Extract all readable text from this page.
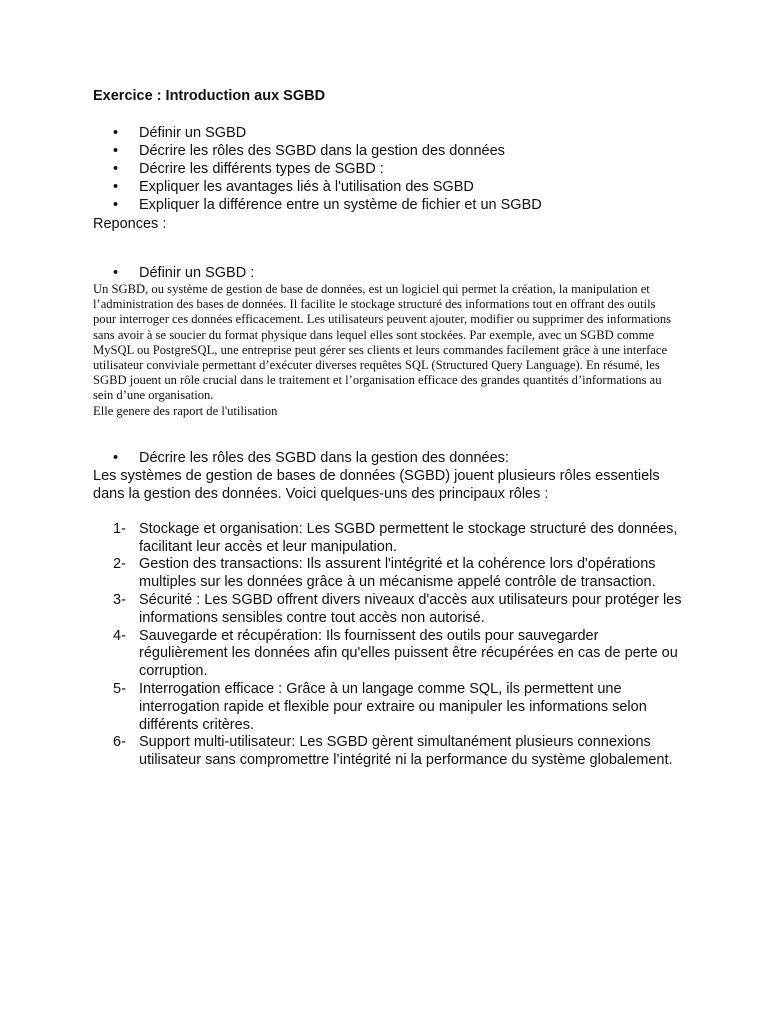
Exercice : Introduction aux SGBD
• Définir un SGBD
• Décrire les rôles des SGBD dans la gestion des données
• Décrire les différents types de SGBD :
• Expliquer les avantages liés à l'utilisation des SGBD
• Expliquer la différence entre un système de fichier et un SGBD
Reponces :
• Définir un SGBD :

Un SGBD, ou système de gestion de base de données, est un logiciel qui permet la création, la manipulation et l’administration des bases de données. Il facilite le stockage structuré des informations tout en offrant des outils pour interroger ces données efficacement. Les utilisateurs peuvent ajouter, modifier ou supprimer des informations sans avoir à se soucier du format physique dans lequel elles sont stockées. Par exemple, avec un SGBD comme MySQL ou PostgreSQL, une entreprise peut gérer ses clients et leurs commandes facilement grâce à une interface utilisateur conviviale permettant d’exécuter diverses requêtes SQL (Structured Query Language). En résumé, les SGBD jouent un rôle crucial dans le traitement et l’organisation efficace des grandes quantités d’informations au sein d’une organisation.

Elle genere des raport de l'utilisation

• Décrire les rôles des SGBD dans la gestion des données:

Les systèmes de gestion de bases de données (SGBD) jouent plusieurs rôles essentiels dans la gestion des données. Voici quelques-uns des principaux rôles :

1- Stockage et organisation: Les SGBD permettent le stockage structuré des données, facilitant leur accès et leur manipulation.
2- Gestion des transactions: Ils assurent l'intégrité et la cohérence lors d'opérations multiples sur les données grâce à un mécanisme appelé contrôle de transaction.
3- Sécurité : Les SGBD offrent divers niveaux d'accès aux utilisateurs pour protéger les informations sensibles contre tout accès non autorisé.
4- Sauvegarde et récupération: Ils fournissent des outils pour sauvegarder régulièrement les données afin qu'elles puissent être récupérées en cas de perte ou corruption.
5- Interrogation efficace : Grâce à un langage comme SQL, ils permettent une interrogation rapide et flexible pour extraire ou manipuler les informations selon différents critères.
6- Support multi-utilisateur: Les SGBD gèrent simultanément plusieurs connexions utilisateur sans compromettre l’intégrité ni la performance du système globalement.
